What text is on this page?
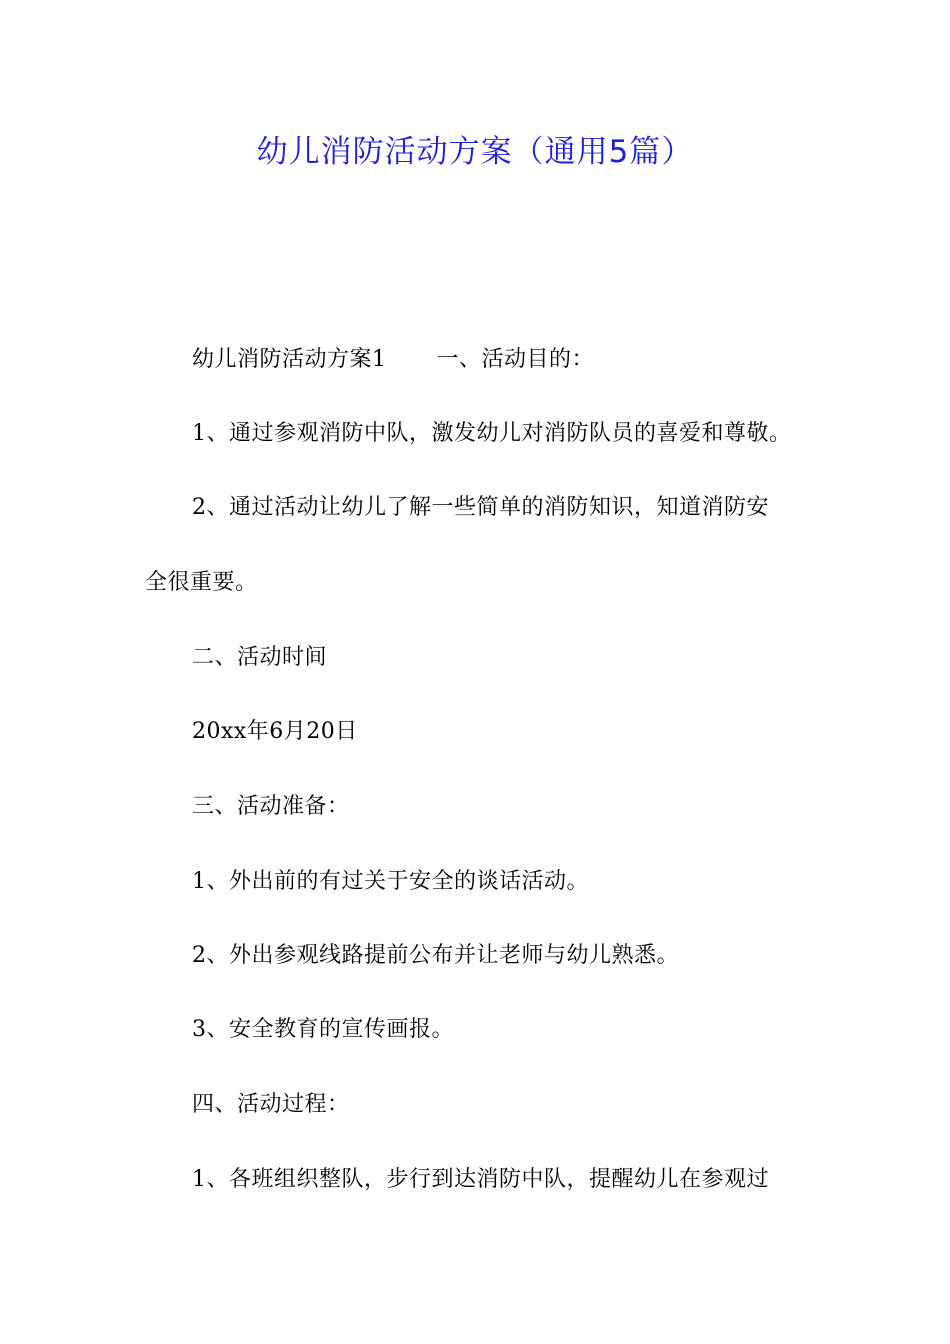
幼儿消防活动方案（通用5篇）
幼儿消防活动方案1 一、活动目的：
1、通过参观消防中队，激发幼儿对消防队员的喜爱和尊敬。
2、通过活动让幼儿了解一些简单的消防知识，知道消防安
全很重要。
二、活动时间
20xx年6月20日
三、活动准备：
1、外出前的有过关于安全的谈话活动。
2、外出参观线路提前公布并让老师与幼儿熟悉。
3、安全教育的宣传画报。
四、活动过程：
1、各班组织整队，步行到达消防中队，提醒幼儿在参观过
